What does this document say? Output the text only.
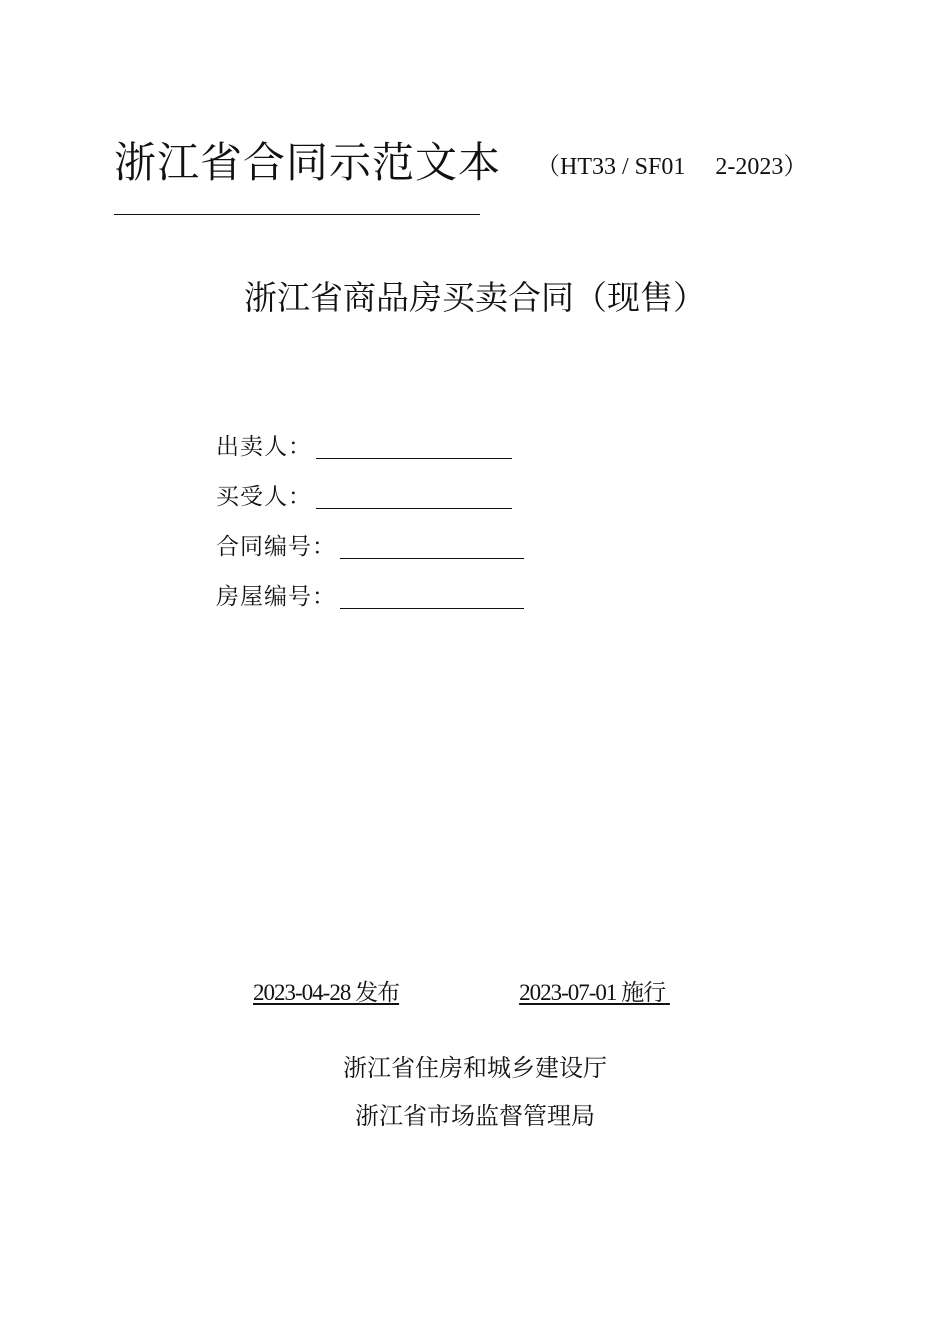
浙江省合同示范文本 （HT33 / SF01 2-2023）
浙江省商品房买卖合同（现售）
出卖人：
买受人：
合同编号：
房屋编号：
2023-04-28 发布	2023-07-01 施行
浙江省住房和城乡建设厅
浙江省市场监督管理局
